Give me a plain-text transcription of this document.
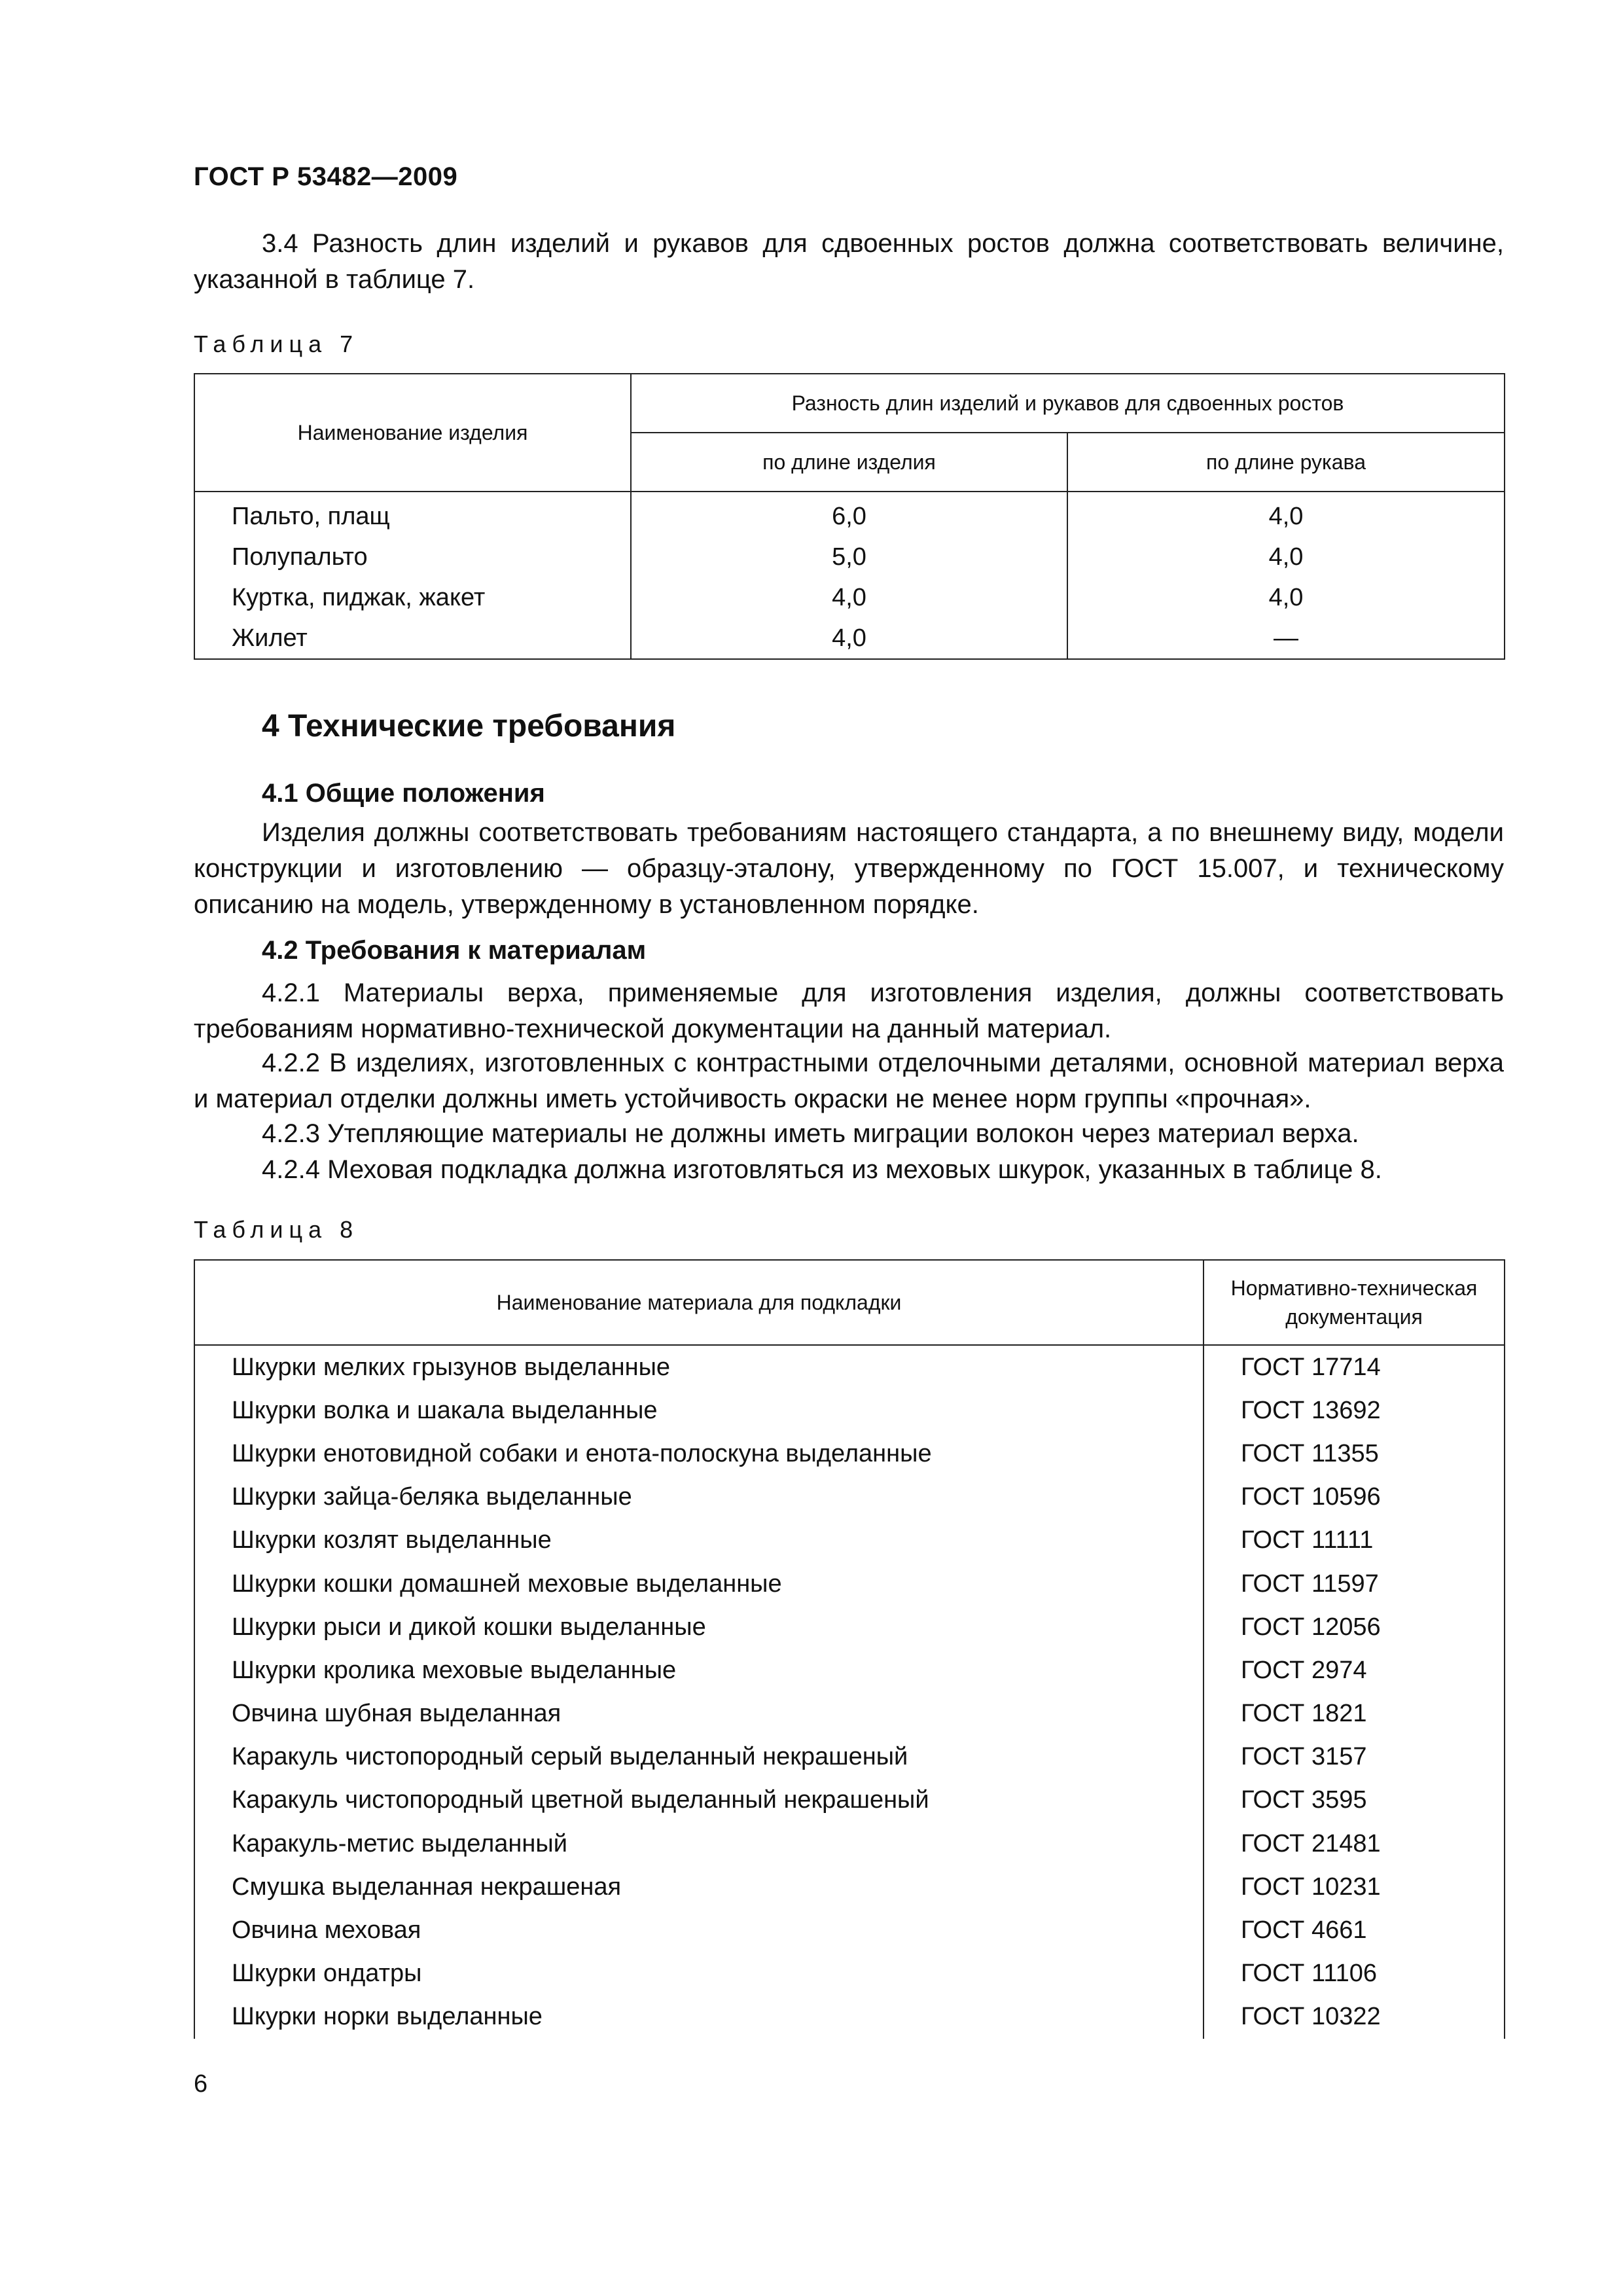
ГОСТ Р 53482—2009
3.4 Разность длин изделий и рукавов для сдвоенных ростов должна соответствовать величине, указанной в таблице 7.
Таблица 7
Наименование изделия	Разность длин изделий и рукавов для сдвоенных ростов	
	по длине изделия	по длине рукава
Пальто, плащ	6,0	4,0
Полупальто	5,0	4,0
Куртка, пиджак, жакет	4,0	4,0
Жилет	4,0	—
4 Технические требования
4.1 Общие положения
Изделия должны соответствовать требованиям настоящего стандарта, а по внешнему виду, модели конструкции и изготовлению — образцу-эталону, утвержденному по ГОСТ 15.007, и техническому описанию на модель, утвержденному в установленном порядке.
4.2 Требования к материалам
4.2.1 Материалы верха, применяемые для изготовления изделия, должны соответствовать требованиям нормативно-технической документации на данный материал.
4.2.2 В изделиях, изготовленных с контрастными отделочными деталями, основной материал верха и материал отделки должны иметь устойчивость окраски не менее норм группы «прочная».
4.2.3 Утепляющие материалы не должны иметь миграции волокон через материал верха.
4.2.4 Меховая подкладка должна изготовляться из меховых шкурок, указанных в таблице 8.
Таблица 8
Наименование материала для подкладки	Нормативно-техническая документация
Шкурки мелких грызунов выделанные	ГОСТ 17714
Шкурки волка и шакала выделанные	ГОСТ 13692
Шкурки енотовидной собаки и енота-полоскуна выделанные	ГОСТ 11355
Шкурки зайца-беляка выделанные	ГОСТ 10596
Шкурки козлят выделанные	ГОСТ 11111
Шкурки кошки домашней меховые выделанные	ГОСТ 11597
Шкурки рыси и дикой кошки выделанные	ГОСТ 12056
Шкурки кролика меховые выделанные	ГОСТ 2974
Овчина шубная выделанная	ГОСТ 1821
Каракуль чистопородный серый выделанный некрашеный	ГОСТ 3157
Каракуль чистопородный цветной выделанный некрашеный	ГОСТ 3595
Каракуль-метис выделанный	ГОСТ 21481
Смушка выделанная некрашеная	ГОСТ 10231
Овчина меховая	ГОСТ 4661
Шкурки ондатры	ГОСТ 11106
Шкурки норки выделанные	ГОСТ 10322
6
